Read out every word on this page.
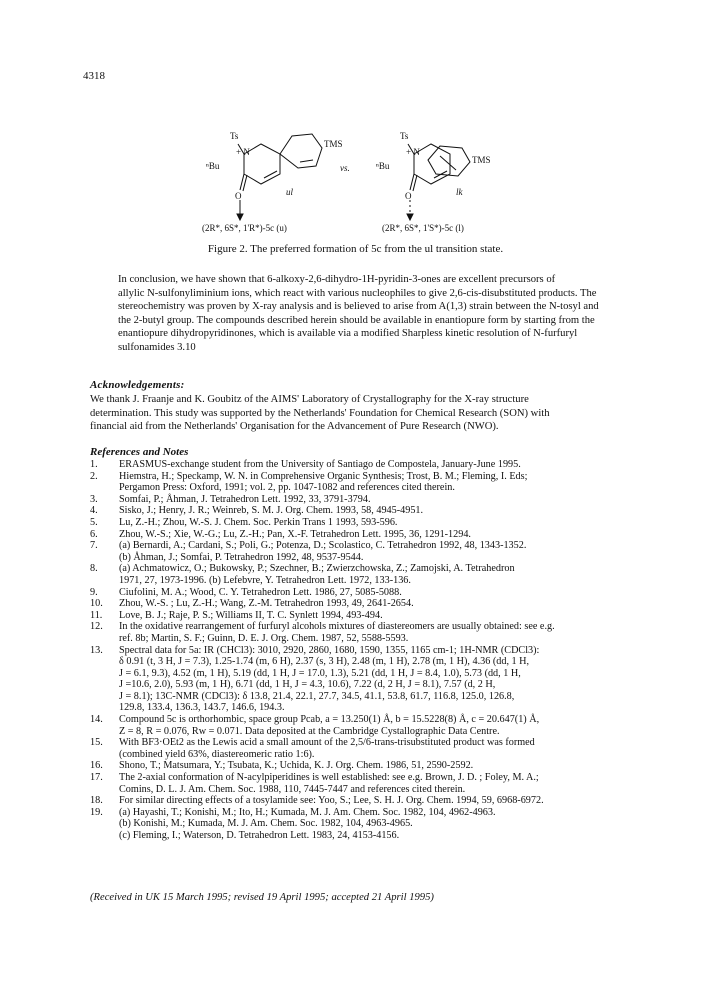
4318
Ts
+ N
ⁿBu
TMS
O	ul
(2R*, 6S*, 1'R*)-5c (u)
vs.
Ts
+ N
ⁿBu
TMS
O	lk
(2R*, 6S*, 1'S*)-5c (l)
Figure 2. The preferred formation of 5c from the ul transition state.
In conclusion, we have shown that 6-alkoxy-2,6-dihydro-1H-pyridin-3-ones are excellent precursors of
allylic N-sulfonyliminium ions, which react with various nucleophiles to give 2,6-cis-disubstituted products. The
stereochemistry was proven by X-ray analysis and is believed to arise from A(1,3) strain between the N-tosyl and
the 2-butyl group. The compounds described herein should be available in enantiopure form by starting from the
enantiopure dihydropyridinones, which is available via a modified Sharpless kinetic resolution of N-furfuryl
sulfonamides 3.10
Acknowledgements:
We thank J. Fraanje and K. Goubitz of the AIMS' Laboratory of Crystallography for the X-ray structure
determination. This study was supported by the Netherlands' Foundation for Chemical Research (SON) with
financial aid from the Netherlands' Organisation for the Advancement of Pure Research (NWO).
References and Notes
1.	ERASMUS-exchange student from the University of Santiago de Compostela, January-June 1995.
2.	Hiemstra, H.; Speckamp, W. N. in Comprehensive Organic Synthesis; Trost, B. M.; Fleming, I. Eds;
Pergamon Press: Oxford, 1991; vol. 2, pp. 1047-1082 and references cited therein.
3.	Somfai, P.; Åhman, J. Tetrahedron Lett. 1992, 33, 3791-3794.
4.	Sisko, J.; Henry, J. R.; Weinreb, S. M. J. Org. Chem. 1993, 58, 4945-4951.
5.	Lu, Z.-H.; Zhou, W.-S. J. Chem. Soc. Perkin Trans 1 1993, 593-596.
6.	Zhou, W.-S.; Xie, W.-G.; Lu, Z.-H.; Pan, X.-F. Tetrahedron Lett. 1995, 36, 1291-1294.
7.	(a) Bernardi, A.; Cardani, S.; Poli, G.; Potenza, D.; Scolastico, C. Tetrahedron 1992, 48, 1343-1352.
(b) Åhman, J.; Somfai, P. Tetrahedron 1992, 48, 9537-9544.
8.	(a) Achmatowicz, O.; Bukowsky, P.; Szechner, B.; Zwierzchowska, Z.; Zamojski, A. Tetrahedron
1971, 27, 1973-1996. (b) Lefebvre, Y. Tetrahedron Lett. 1972, 133-136.
9.	Ciufolini, M. A.; Wood, C. Y. Tetrahedron Lett. 1986, 27, 5085-5088.
10.	Zhou, W.-S. ; Lu, Z.-H.; Wang, Z.-M. Tetrahedron 1993, 49, 2641-2654.
11.	Love, B. J.; Raje, P. S.; Williams II, T. C. Synlett 1994, 493-494.
12.	In the oxidative rearrangement of furfuryl alcohols mixtures of diastereomers are usually obtained: see e.g.
ref. 8b; Martin, S. F.; Guinn, D. E. J. Org. Chem. 1987, 52, 5588-5593.
13.	Spectral data for 5a: IR (CHCl3): 3010, 2920, 2860, 1680, 1590, 1355, 1165 cm-1; 1H-NMR (CDCl3):
δ 0.91 (t, 3 H, J = 7.3), 1.25-1.74 (m, 6 H), 2.37 (s, 3 H), 2.48 (m, 1 H), 2.78 (m, 1 H), 4.36 (dd, 1 H,
J = 6.1, 9.3), 4.52 (m, 1 H), 5.19 (dd, 1 H, J = 17.0, 1.3), 5.21 (dd, 1 H, J = 8.4, 1.0), 5.73 (dd, 1 H,
J =10.6, 2.0), 5.93 (m, 1 H), 6.71 (dd, 1 H, J = 4.3, 10.6), 7.22 (d, 2 H, J = 8.1), 7.57 (d, 2 H,
J = 8.1); 13C-NMR (CDCl3): δ 13.8, 21.4, 22.1, 27.7, 34.5, 41.1, 53.8, 61.7, 116.8, 125.0, 126.8,
129.8, 133.4, 136.3, 143.7, 146.6, 194.3.
14.	Compound 5c is orthorhombic, space group Pcab, a = 13.250(1) Å, b = 15.5228(8) Å, c = 20.647(1) Å,
Z = 8, R = 0.076, Rw = 0.071. Data deposited at the Cambridge Cystallographic Data Centre.
15.	With BF3·OEt2 as the Lewis acid a small amount of the 2,5/6-trans-trisubstituted product was formed
(combined yield 63%, diastereomeric ratio 1:6).
16.	Shono, T.; Matsumara, Y.; Tsubata, K.; Uchida, K. J. Org. Chem. 1986, 51, 2590-2592.
17.	The 2-axial conformation of N-acylpiperidines is well established: see e.g. Brown, J. D. ; Foley, M. A.;
Comins, D. L. J. Am. Chem. Soc. 1988, 110, 7445-7447 and references cited therein.
18.	For similar directing effects of a tosylamide see: Yoo, S.; Lee, S. H. J. Org. Chem. 1994, 59, 6968-6972.
19.	(a) Hayashi, T.; Konishi, M.; Ito, H.; Kumada, M. J. Am. Chem. Soc. 1982, 104, 4962-4963.
(b) Konishi, M.; Kumada, M. J. Am. Chem. Soc. 1982, 104, 4963-4965.
(c) Fleming, I.; Waterson, D. Tetrahedron Lett. 1983, 24, 4153-4156.
(Received in UK 15 March 1995; revised 19 April 1995; accepted 21 April 1995)
